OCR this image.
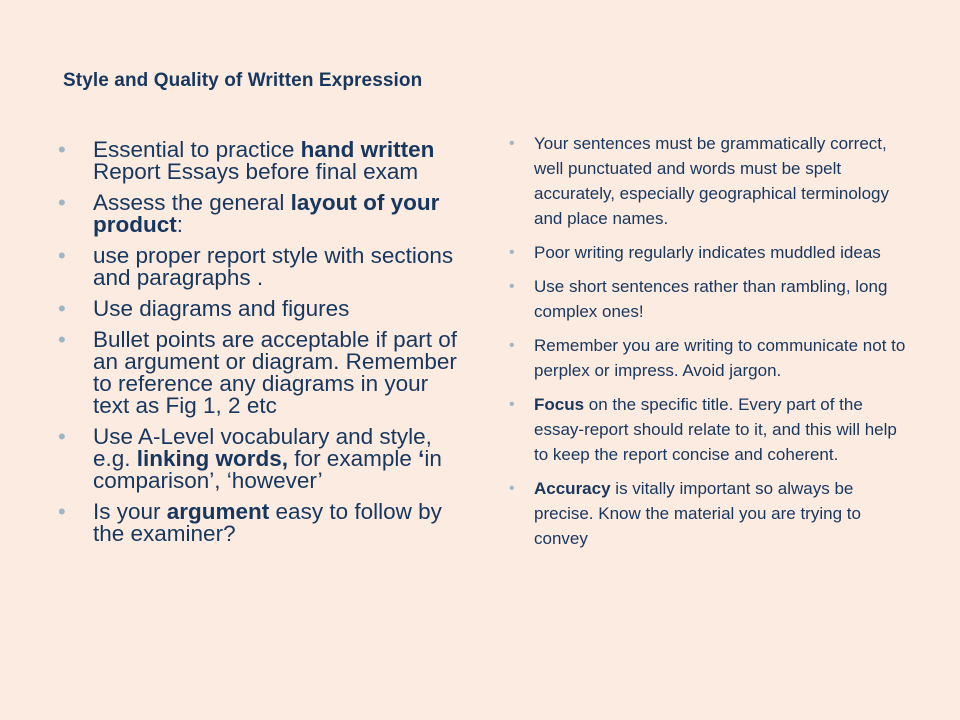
Style and Quality of Written Expression
• Essential to practice hand written Report Essays before final exam
• Assess the general layout of your product:
• use proper report style with sections and paragraphs .
• Use diagrams and figures
• Bullet points are acceptable if part of an argument or diagram. Remember to reference any diagrams in your text as Fig 1, 2 etc
• Use A-Level vocabulary and style, e.g. linking words, for example ‘in comparison’, ‘however’
• Is your argument easy to follow by the examiner?
• Your sentences must be grammatically correct, well punctuated and words must be spelt accurately, especially geographical terminology and place names.
• Poor writing regularly indicates muddled ideas
• Use short sentences rather than rambling, long complex ones!
• Remember you are writing to communicate not to perplex or impress. Avoid jargon.
• Focus on the specific title. Every part of the essay-report should relate to it, and this will help to keep the report concise and coherent.
• Accuracy is vitally important so always be precise. Know the material you are trying to convey
